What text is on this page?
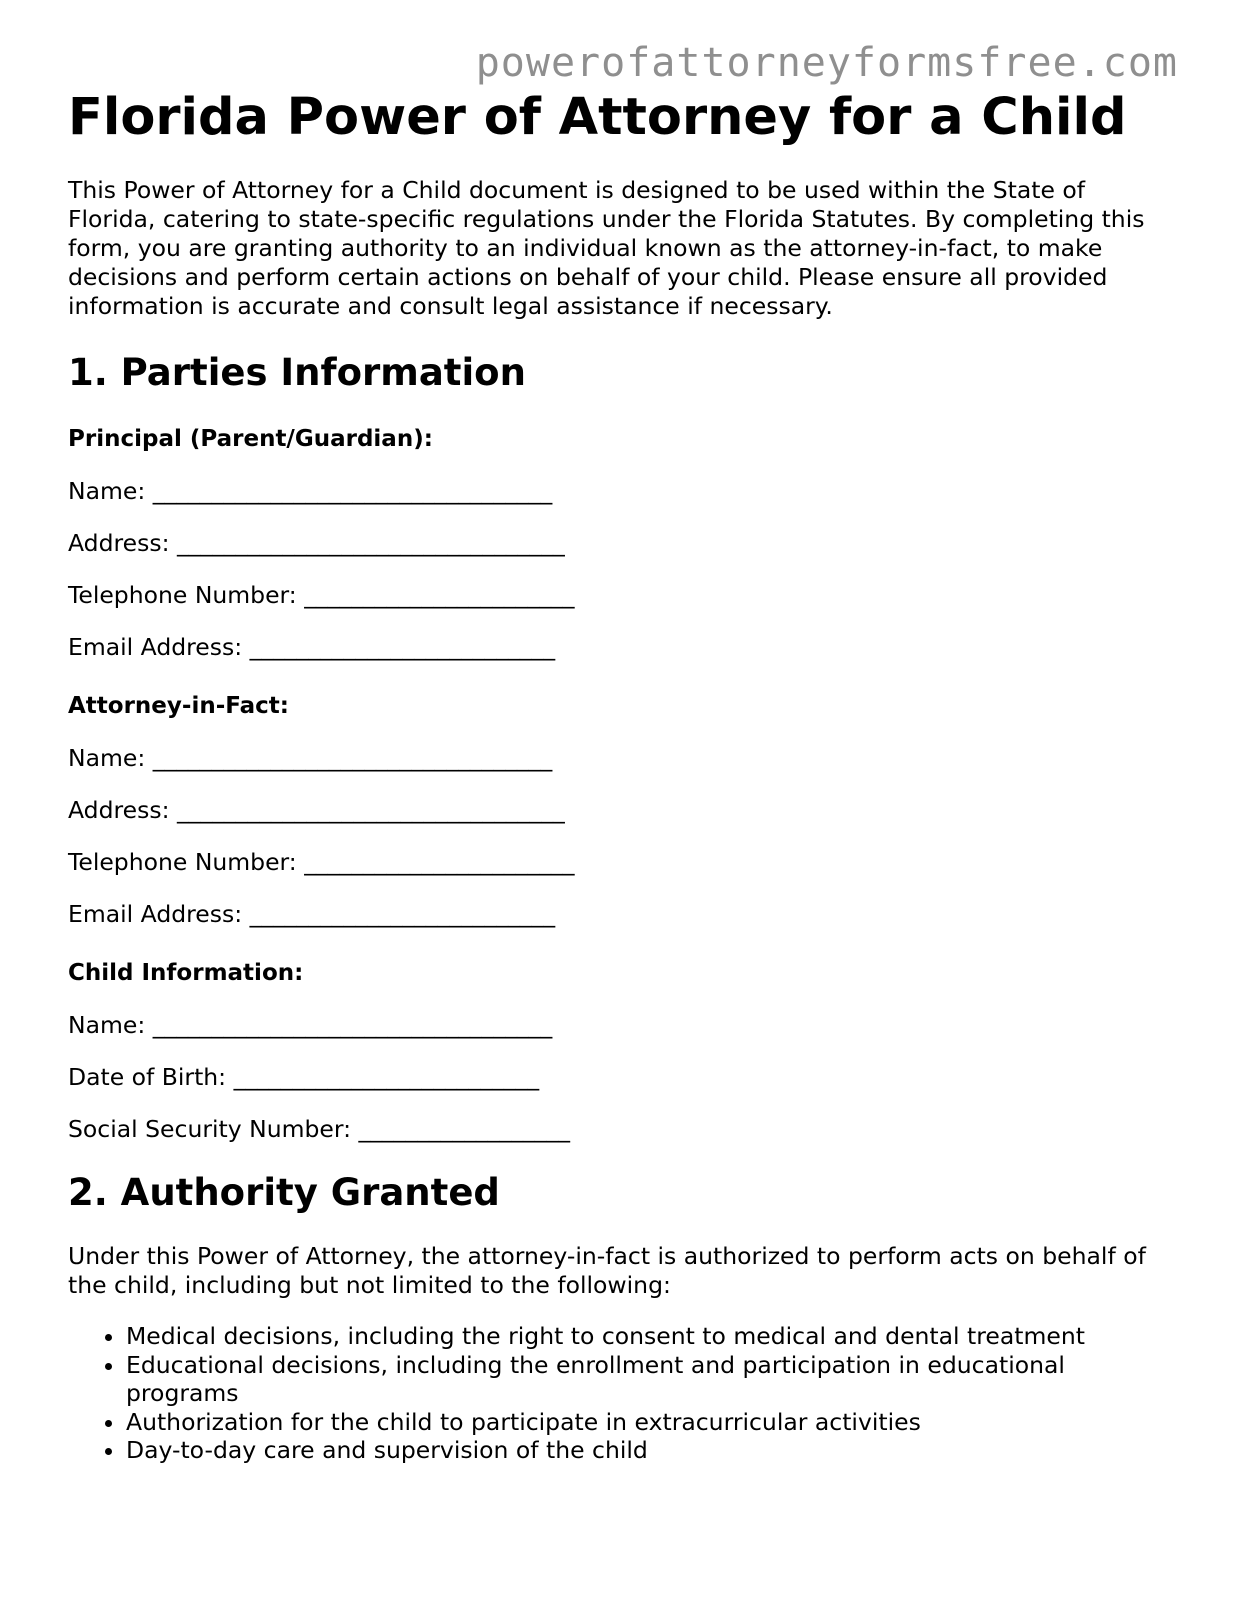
powerofattorneyformsfree.com
Florida Power of Attorney for a Child

This Power of Attorney for a Child document is designed to be used within the State of Florida, catering to state-specific regulations under the Florida Statutes. By completing this form, you are granting authority to an individual known as the attorney-in-fact, to make decisions and perform certain actions on behalf of your child. Please ensure all provided information is accurate and consult legal assistance if necessary.

1. Parties Information
Principal (Parent/Guardian):
Name: __________________________________
Address: _________________________________
Telephone Number: _______________________
Email Address: __________________________
Attorney-in-Fact:
Name: __________________________________
Address: _________________________________
Telephone Number: _______________________
Email Address: __________________________
Child Information:
Name: __________________________________
Date of Birth: __________________________
Social Security Number: __________________
2. Authority Granted

Under this Power of Attorney, the attorney-in-fact is authorized to perform acts on behalf of the child, including but not limited to the following:

• Medical decisions, including the right to consent to medical and dental treatment
• Educational decisions, including the enrollment and participation in educational programs
• Authorization for the child to participate in extracurricular activities
• Day-to-day care and supervision of the child
